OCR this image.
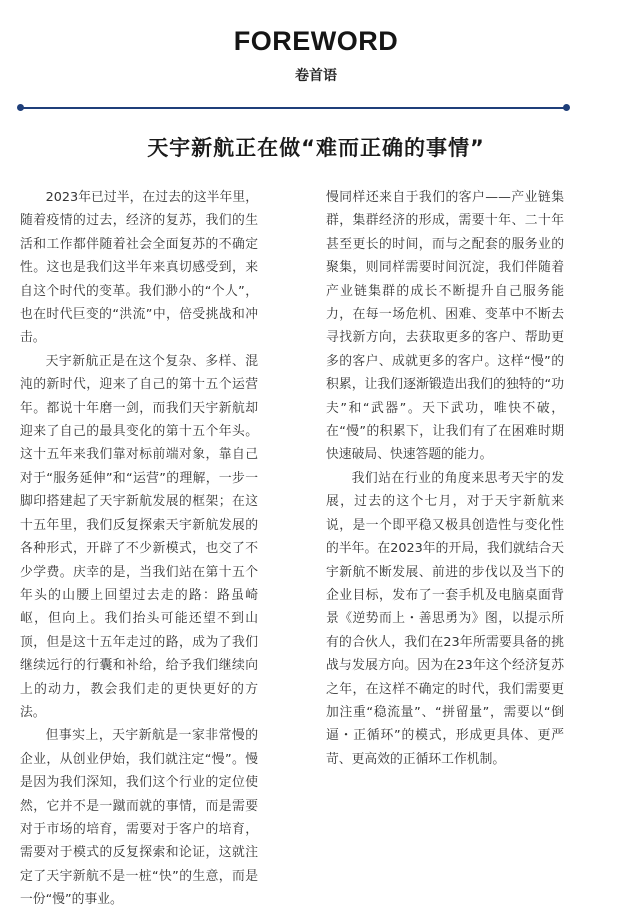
FOREWORD
卷首语
天宇新航正在做“难而正确的事情”

2023年已过半，在过去的这半年里，随着疫情的过去，经济的复苏，我们的生活和工作都伴随着社会全面复苏的不确定性。这也是我们这半年来真切感受到，来自这个时代的变革。我们渺小的“个人”，也在时代巨变的“洪流”中，倍受挑战和冲击。

天宇新航正是在这个复杂、多样、混沌的新时代，迎来了自己的第十五个运营年。都说十年磨一剑，而我们天宇新航却迎来了自己的最具变化的第十五个年头。这十五年来我们靠对标前端对象，靠自己对于“服务延伸”和“运营”的理解，一步一脚印搭建起了天宇新航发展的框架；在这十五年里，我们反复探索天宇新航发展的各种形式，开辟了不少新模式，也交了不少学费。庆幸的是，当我们站在第十五个年头的山腰上回望过去走的路：路虽崎岖，但向上。我们抬头可能还望不到山顶，但是这十五年走过的路，成为了我们继续远行的行囊和补给，给予我们继续向上的动力，教会我们走的更快更好的方法。

但事实上，天宇新航是一家非常慢的企业，从创业伊始，我们就注定“慢”。慢是因为我们深知，我们这个行业的定位使然，它并不是一蹴而就的事情，而是需要对于市场的培育，需要对于客户的培育，需要对于模式的反复探索和论证，这就注定了天宇新航不是一桩“快”的生意，而是一份“慢”的事业。

慢同样还来自于我们的客户——产业链集群，集群经济的形成，需要十年、二十年甚至更长的时间，而与之配套的服务业的聚集，则同样需要时间沉淀，我们伴随着产业链集群的成长不断提升自己服务能力，在每一场危机、困难、变革中不断去寻找新方向，去获取更多的客户、帮助更多的客户、成就更多的客户。这样“慢”的积累，让我们逐渐锻造出我们的独特的“功夫”和“武器”。天下武功，唯快不破，在“慢”的积累下，让我们有了在困难时期快速破局、快速答题的能力。

我们站在行业的角度来思考天宇的发展，过去的这个七月，对于天宇新航来说，是一个即平稳又极具创造性与变化性的半年。在2023年的开局，我们就结合天宇新航不断发展、前进的步伐以及当下的企业目标，发布了一套手机及电脑桌面背景《逆势而上・善思勇为》图，以提示所有的合伙人，我们在23年所需要具备的挑战与发展方向。因为在23年这个经济复苏之年，在这样不确定的时代，我们需要更加注重“稳流量”、“拼留量”，需要以“倒逼・正循环”的模式，形成更具体、更严苛、更高效的正循环工作机制。
